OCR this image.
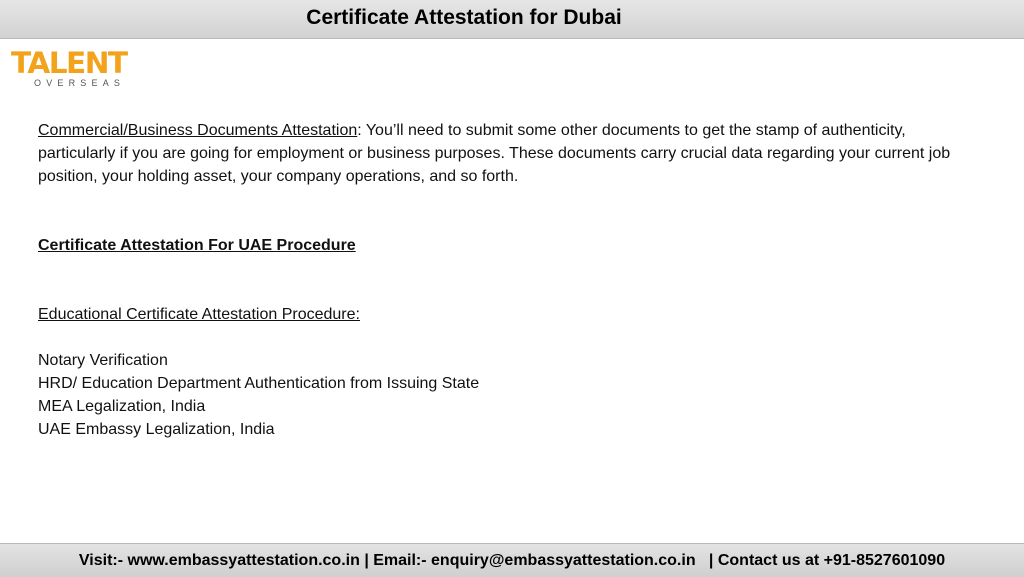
Certificate Attestation for Dubai
TALENT
OVERSEAS

Commercial/Business Documents Attestation: You’ll need to submit some other documents to get the stamp of authenticity, particularly if you are going for employment or business purposes. These documents carry crucial data regarding your current job position, your holding asset, your company operations, and so forth.

Certificate Attestation For UAE Procedure

Educational Certificate Attestation Procedure:

Notary Verification
HRD/ Education Department Authentication from Issuing State
MEA Legalization, India
UAE Embassy Legalization, India
Visit:- www.embassyattestation.co.in | Email:- enquiry@embassyattestation.co.in   | Contact us at +91-8527601090
